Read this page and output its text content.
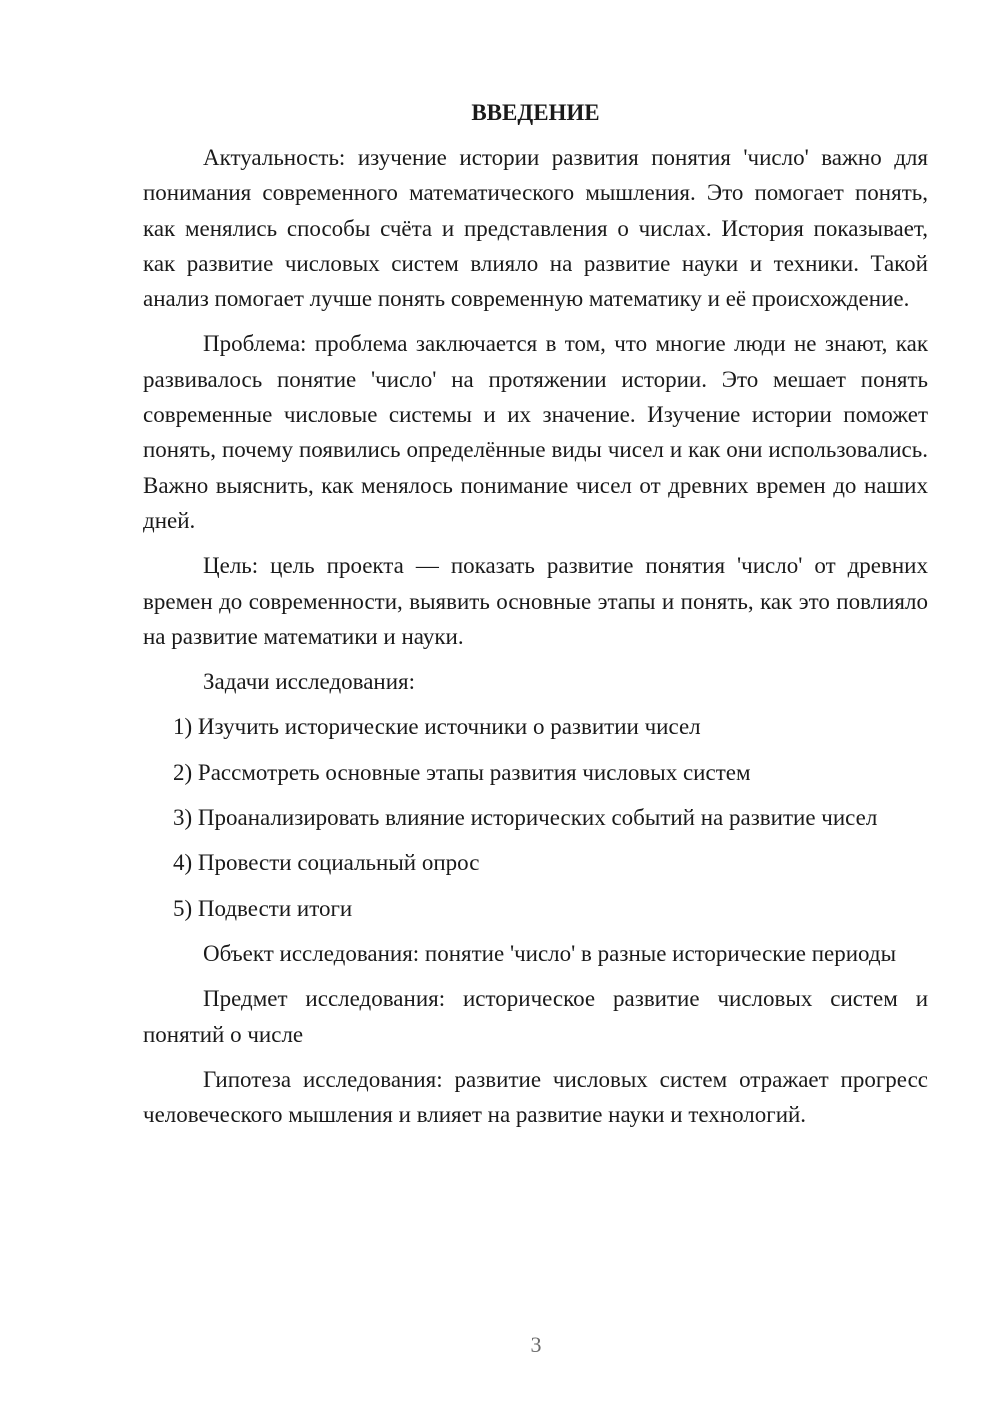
ВВЕДЕНИЕ

Актуальность: изучение истории развития понятия 'число' важно для понимания современного математического мышления. Это помогает понять, как менялись способы счёта и представления о числах. История показывает, как развитие числовых систем влияло на развитие науки и техники. Такой анализ помогает лучше понять современную математику и её происхождение.

Проблема: проблема заключается в том, что многие люди не знают, как развивалось понятие 'число' на протяжении истории. Это мешает понять современные числовые системы и их значение. Изучение истории поможет понять, почему появились определённые виды чисел и как они использовались. Важно выяснить, как менялось понимание чисел от древних времен до наших дней.

Цель: цель проекта — показать развитие понятия 'число' от древних времен до современности, выявить основные этапы и понять, как это повлияло на развитие математики и науки.

Задачи исследования:

1) Изучить исторические источники о развитии чисел

2) Рассмотреть основные этапы развития числовых систем

3) Проанализировать влияние исторических событий на развитие чисел

4) Провести социальный опрос

5) Подвести итоги

Объект исследования: понятие 'число' в разные исторические периоды

Предмет исследования: историческое развитие числовых систем и понятий о числе

Гипотеза исследования: развитие числовых систем отражает прогресс человеческого мышления и влияет на развитие науки и технологий.

3
